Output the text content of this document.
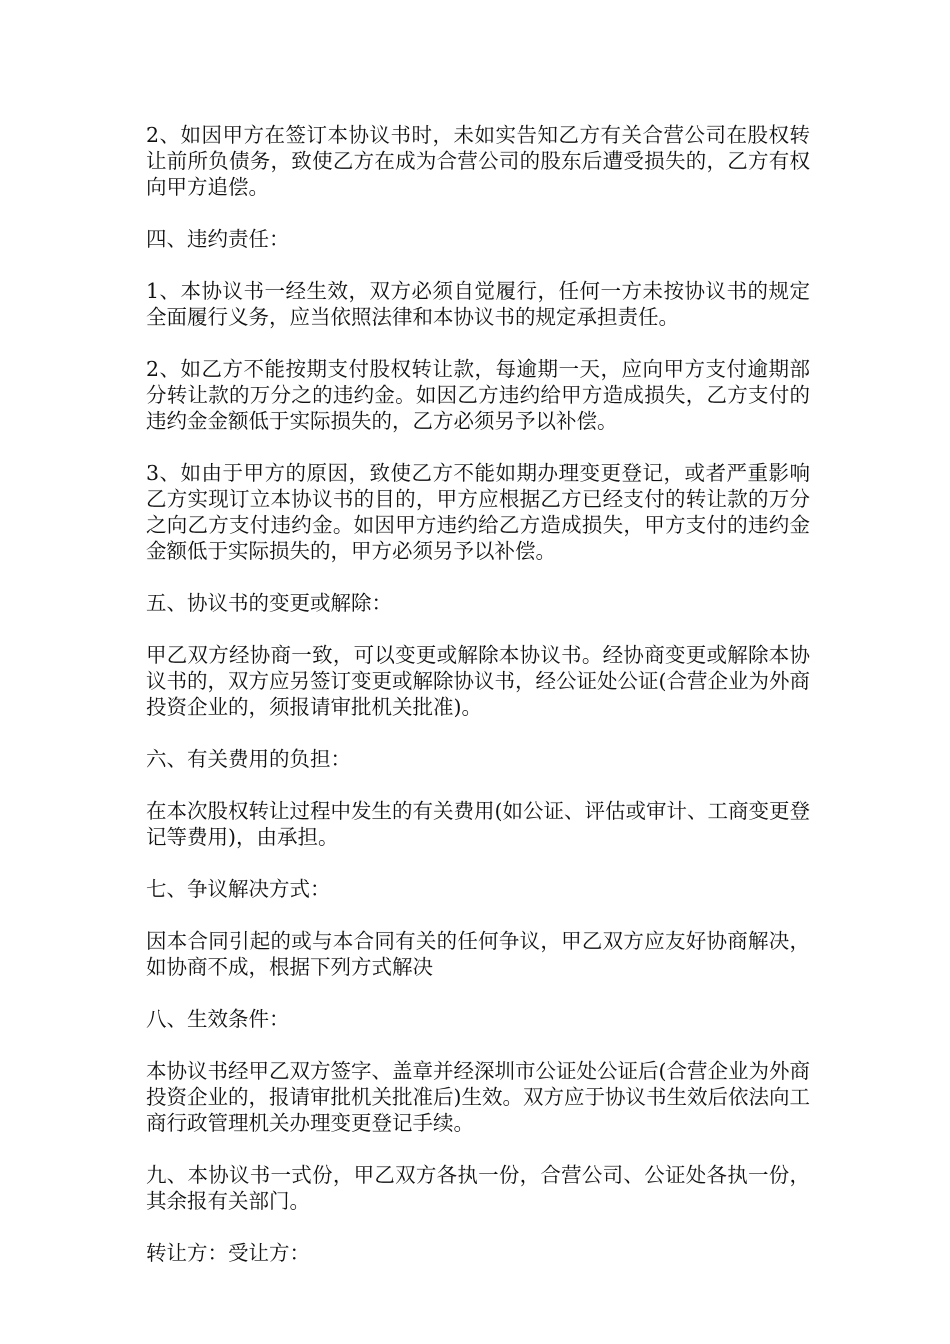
2、如因甲方在签订本协议书时，未如实告知乙方有关合营公司在股权转让前所负债务，致使乙方在成为合营公司的股东后遭受损失的，乙方有权向甲方追偿。

四、违约责任：

1、本协议书一经生效，双方必须自觉履行，任何一方未按协议书的规定全面履行义务，应当依照法律和本协议书的规定承担责任。

2、如乙方不能按期支付股权转让款，每逾期一天，应向甲方支付逾期部分转让款的万分之的违约金。如因乙方违约给甲方造成损失，乙方支付的违约金金额低于实际损失的，乙方必须另予以补偿。

3、如由于甲方的原因，致使乙方不能如期办理变更登记，或者严重影响乙方实现订立本协议书的目的，甲方应根据乙方已经支付的转让款的万分之向乙方支付违约金。如因甲方违约给乙方造成损失，甲方支付的违约金金额低于实际损失的，甲方必须另予以补偿。

五、协议书的变更或解除：

甲乙双方经协商一致，可以变更或解除本协议书。经协商变更或解除本协议书的，双方应另签订变更或解除协议书，经公证处公证(合营企业为外商投资企业的，须报请审批机关批准)。

六、有关费用的负担：

在本次股权转让过程中发生的有关费用(如公证、评估或审计、工商变更登记等费用)，由承担。

七、争议解决方式：

因本合同引起的或与本合同有关的任何争议，甲乙双方应友好协商解决，如协商不成，根据下列方式解决

八、生效条件：

本协议书经甲乙双方签字、盖章并经深圳市公证处公证后(合营企业为外商投资企业的，报请审批机关批准后)生效。双方应于协议书生效后依法向工商行政管理机关办理变更登记手续。

九、本协议书一式份，甲乙双方各执一份，合营公司、公证处各执一份，其余报有关部门。

转让方：受让方：
